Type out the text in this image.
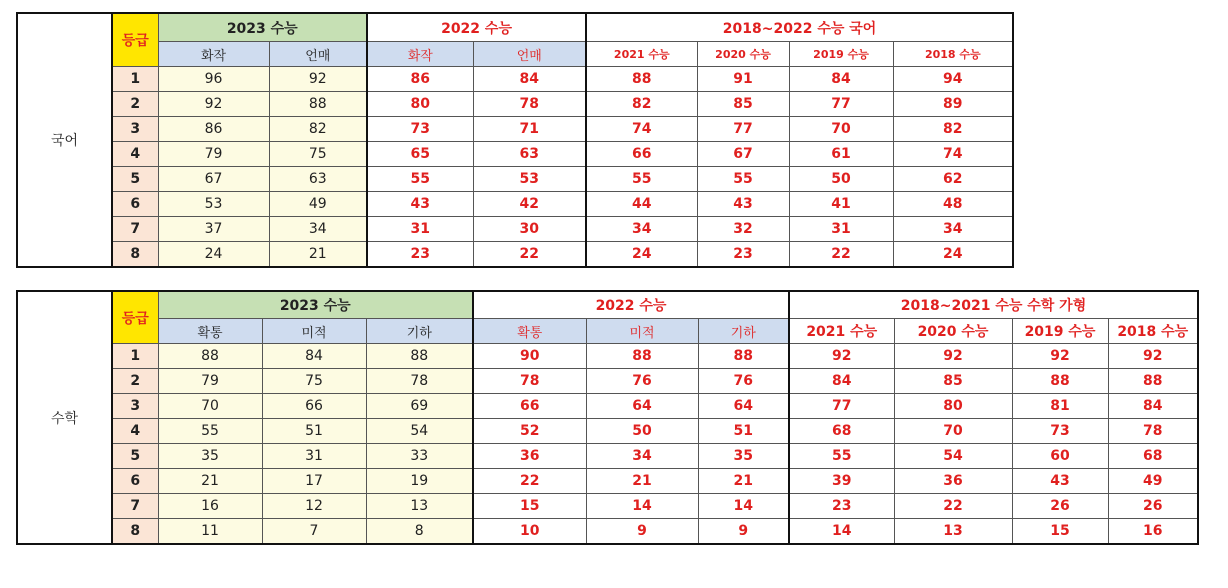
국어	등급	2023 수능		2022 수능		2018~2022 수능 국어			
		화작	언매	화작	언매	2021 수능	2020 수능	2019 수능	2018 수능
	1	96	92	86	84	88	91	84	94
	2	92	88	80	78	82	85	77	89
	3	86	82	73	71	74	77	70	82
	4	79	75	65	63	66	67	61	74
	5	67	63	55	53	55	55	50	62
	6	53	49	43	42	44	43	41	48
	7	37	34	31	30	34	32	31	34
	8	24	21	23	22	24	23	22	24
수학	등급	2023 수능			2022 수능			2018~2021 수능 수학 가형			
		확통	미적	기하	확통	미적	기하	2021 수능	2020 수능	2019 수능	2018 수능
	1	88	84	88	90	88	88	92	92	92	92
	2	79	75	78	78	76	76	84	85	88	88
	3	70	66	69	66	64	64	77	80	81	84
	4	55	51	54	52	50	51	68	70	73	78
	5	35	31	33	36	34	35	55	54	60	68
	6	21	17	19	22	21	21	39	36	43	49
	7	16	12	13	15	14	14	23	22	26	26
	8	11	7	8	10	9	9	14	13	15	16
